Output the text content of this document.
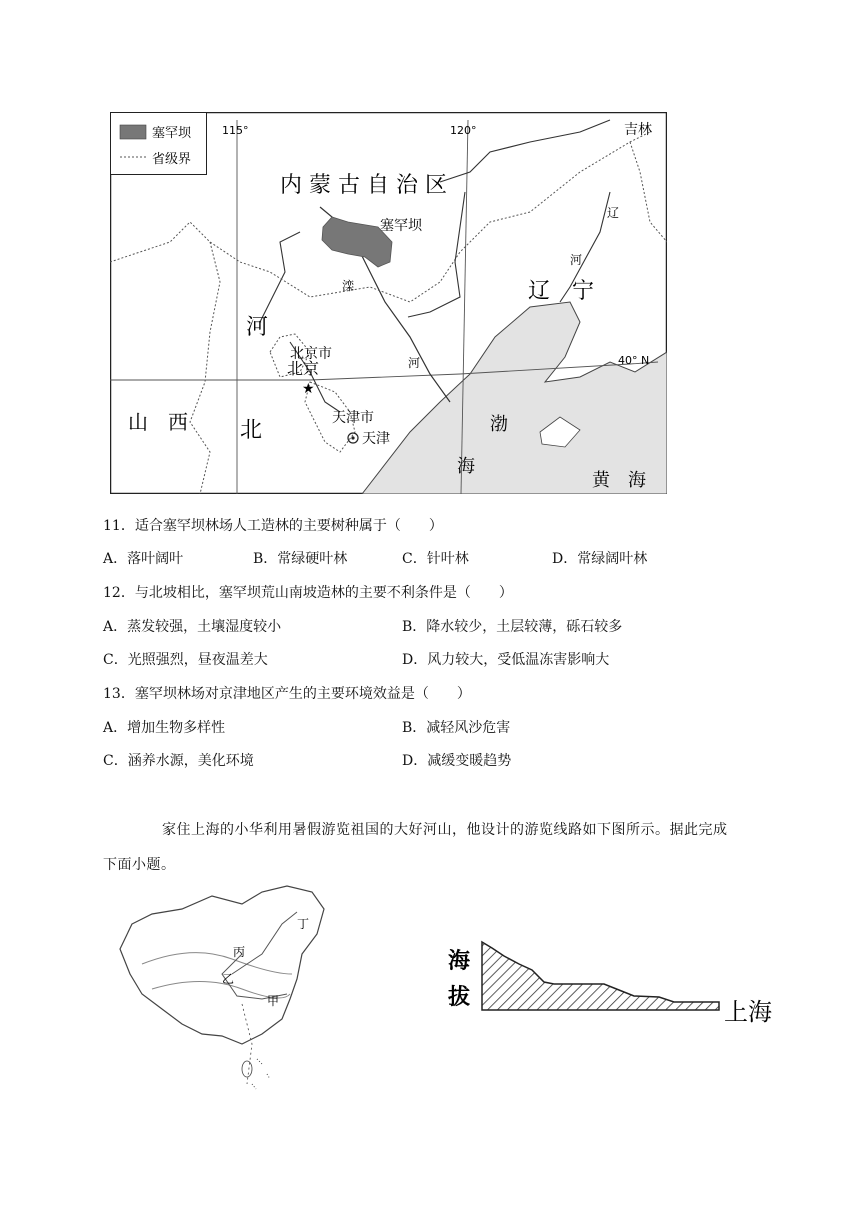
塞罕坝
省级界
115°	120°
40° N
吉林
内 蒙 古 自 治 区
塞罕坝
滦
河
辽
河
辽　宁
河
北
山　西
北京市
北京
★
天津市
天津
渤
海
黄　海
11．适合塞罕坝林场人工造林的主要树种属于（　　）
A．落叶阔叶	B．常绿硬叶林	C．针叶林	D．常绿阔叶林
12．与北坡相比，塞罕坝荒山南坡造林的主要不利条件是（　　）
A．蒸发较强，土壤湿度较小	B．降水较少，土层较薄，砾石较多
C．光照强烈，昼夜温差大	D．风力较大，受低温冻害影响大
13．塞罕坝林场对京津地区产生的主要环境效益是（　　）
A．增加生物多样性	B．减轻风沙危害
C．涵养水源，美化环境	D．减缓变暖趋势
家住上海的小华利用暑假游览祖国的大好河山，他设计的游览线路如下图所示。据此完成
下面小题。
丁
丙
乙
甲
海
拔
上海
